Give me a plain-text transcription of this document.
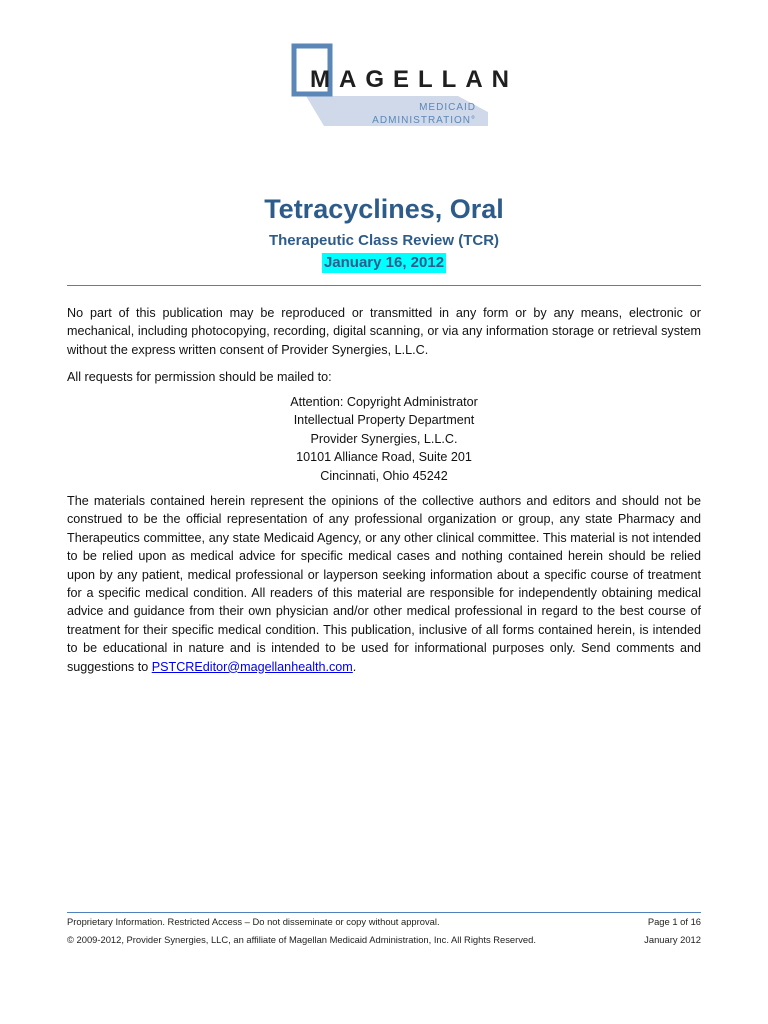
MAGELLAN
MEDICAID
ADMINISTRATION°
Tetracyclines, Oral
Therapeutic Class Review (TCR)
January 16, 2012
No part of this publication may be reproduced or transmitted in any form or by any means, electronic or mechanical, including photocopying, recording, digital scanning, or via any information storage or retrieval system without the express written consent of Provider Synergies, L.L.C.
All requests for permission should be mailed to:
Attention: Copyright Administrator
Intellectual Property Department
Provider Synergies, L.L.C.
10101 Alliance Road, Suite 201
Cincinnati, Ohio 45242
The materials contained herein represent the opinions of the collective authors and editors and should not be construed to be the official representation of any professional organization or group, any state Pharmacy and Therapeutics committee, any state Medicaid Agency, or any other clinical committee. This material is not intended to be relied upon as medical advice for specific medical cases and nothing contained herein should be relied upon by any patient, medical professional or layperson seeking information about a specific course of treatment for a specific medical condition. All readers of this material are responsible for independently obtaining medical advice and guidance from their own physician and/or other medical professional in regard to the best course of treatment for their specific medical condition. This publication, inclusive of all forms contained herein, is intended to be educational in nature and is intended to be used for informational purposes only. Send comments and suggestions to PSTCREditor@magellanhealth.com.
Proprietary Information. Restricted Access – Do not disseminate or copy without approval.	Page 1 of 16
© 2009-2012, Provider Synergies, LLC, an affiliate of Magellan Medicaid Administration, Inc. All Rights Reserved.	January 2012
